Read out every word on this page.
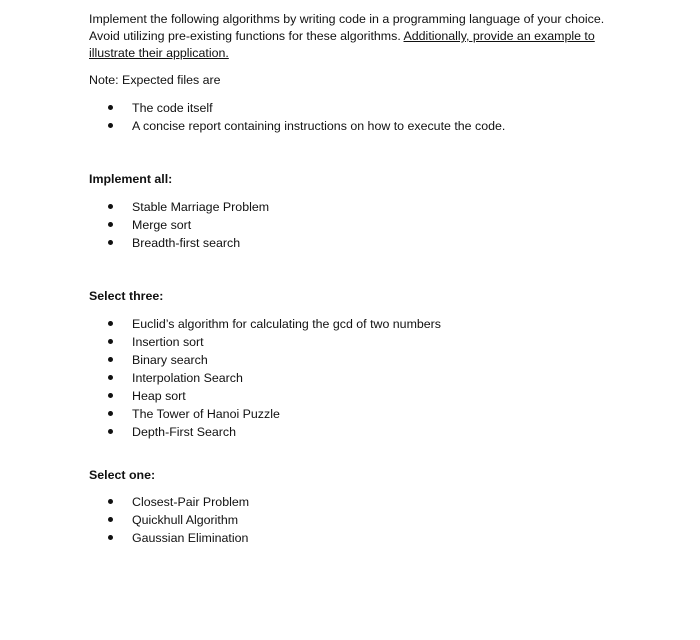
Implement the following algorithms by writing code in a programming language of your choice.
Avoid utilizing pre-existing functions for these algorithms. Additionally, provide an example to
illustrate their application.
Note: Expected files are
The code itself
A concise report containing instructions on how to execute the code.
Implement all:
Stable Marriage Problem
Merge sort
Breadth-first search
Select three:
Euclid’s algorithm for calculating the gcd of two numbers
Insertion sort
Binary search
Interpolation Search
Heap sort
The Tower of Hanoi Puzzle
Depth-First Search
Select one:
Closest-Pair Problem
Quickhull Algorithm
Gaussian Elimination
